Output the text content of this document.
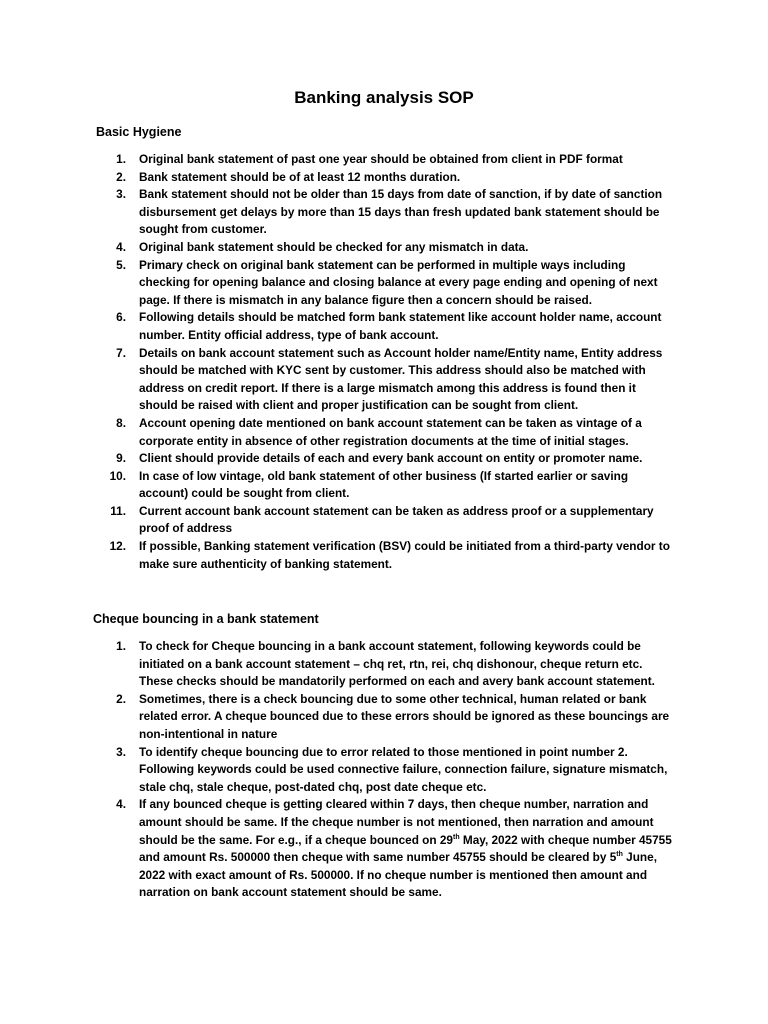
Banking analysis SOP
Basic Hygiene
1. Original bank statement of past one year should be obtained from client in PDF format
2. Bank statement should be of at least 12 months duration.
3. Bank statement should not be older than 15 days from date of sanction, if by date of sanction disbursement get delays by more than 15 days than fresh updated bank statement should be sought from customer.
4. Original bank statement should be checked for any mismatch in data.
5. Primary check on original bank statement can be performed in multiple ways including checking for opening balance and closing balance at every page ending and opening of next page. If there is mismatch in any balance figure then a concern should be raised.
6. Following details should be matched form bank statement like account holder name, account number. Entity official address, type of bank account.
7. Details on bank account statement such as Account holder name/Entity name, Entity address should be matched with KYC sent by customer. This address should also be matched with address on credit report. If there is a large mismatch among this address is found then it should be raised with client and proper justification can be sought from client.
8. Account opening date mentioned on bank account statement can be taken as vintage of a corporate entity in absence of other registration documents at the time of initial stages.
9. Client should provide details of each and every bank account on entity or promoter name.
10. In case of low vintage, old bank statement of other business (If started earlier or saving account) could be sought from client.
11. Current account bank account statement can be taken as address proof or a supplementary proof of address
12. If possible, Banking statement verification (BSV) could be initiated from a third-party vendor to make sure authenticity of banking statement.
Cheque bouncing in a bank statement
1. To check for Cheque bouncing in a bank account statement, following keywords could be initiated on a bank account statement – chq ret, rtn, rei, chq dishonour, cheque return etc. These checks should be mandatorily performed on each and avery bank account statement.
2. Sometimes, there is a check bouncing due to some other technical, human related or bank related error. A cheque bounced due to these errors should be ignored as these bouncings are non-intentional in nature
3. To identify cheque bouncing due to error related to those mentioned in point number 2. Following keywords could be used connective failure, connection failure, signature mismatch, stale chq, stale cheque, post-dated chq, post date cheque etc.
4. If any bounced cheque is getting cleared within 7 days, then cheque number, narration and amount should be same. If the cheque number is not mentioned, then narration and amount should be the same. For e.g., if a cheque bounced on 29th May, 2022 with cheque number 45755 and amount Rs. 500000 then cheque with same number 45755 should be cleared by 5th June, 2022 with exact amount of Rs. 500000. If no cheque number is mentioned then amount and narration on bank account statement should be same.
